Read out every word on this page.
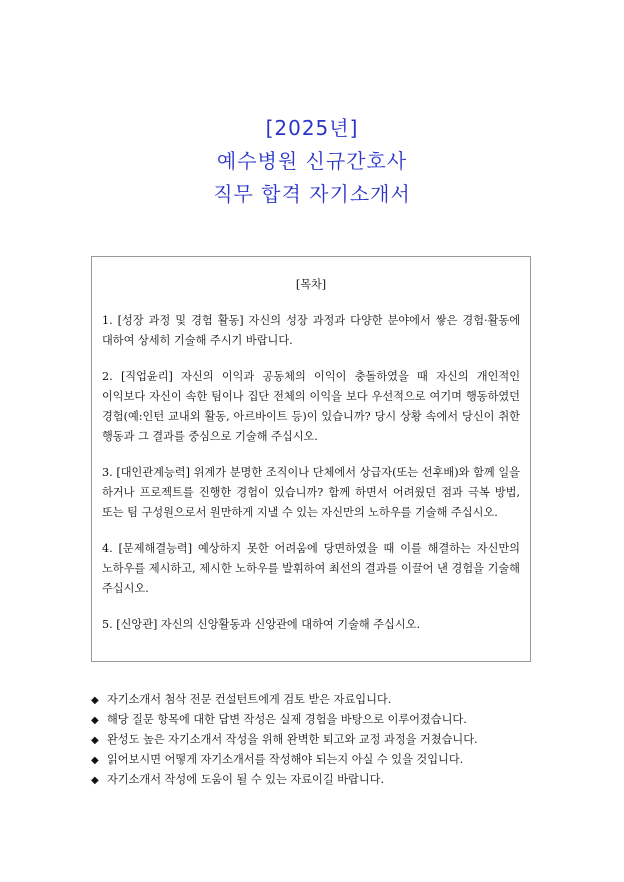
[2025년]
예수병원 신규간호사
직무 합격 자기소개서
[목차]
1. [성장 과정 및 경험 활동] 자신의 성장 과정과 다양한 분야에서 쌓은 경험·활동에 대하여 상세히 기술해 주시기 바랍니다.
2. [직업윤리] 자신의 이익과 공동체의 이익이 충돌하였을 때 자신의 개인적인 이익보다 자신이 속한 팀이나 집단 전체의 이익을 보다 우선적으로 여기며 행동하였던 경험(예:인턴 교내외 활동, 아르바이트 등)이 있습니까? 당시 상황 속에서 당신이 취한 행동과 그 결과를 중심으로 기술해 주십시오.
3. [대인관계능력] 위계가 분명한 조직이나 단체에서 상급자(또는 선후배)와 함께 일을 하거나 프로젝트를 진행한 경험이 있습니까? 함께 하면서 어려웠던 점과 극복 방법, 또는 팀 구성원으로서 원만하게 지낼 수 있는 자신만의 노하우를 기술해 주십시오.
4. [문제해결능력] 예상하지 못한 어려움에 당면하였을 때 이를 해결하는 자신만의 노하우를 제시하고, 제시한 노하우를 발휘하여 최선의 결과를 이끌어 낸 경험을 기술해 주십시오.
5. [신앙관] 자신의 신앙활동과 신앙관에 대하여 기술해 주십시오.
◆ 자기소개서 첨삭 전문 컨설턴트에게 검토 받은 자료입니다.
◆ 해당 질문 항목에 대한 답변 작성은 실제 경험을 바탕으로 이루어졌습니다.
◆ 완성도 높은 자기소개서 작성을 위해 완벽한 퇴고와 교정 과정을 거쳤습니다.
◆ 읽어보시면 어떻게 자기소개서를 작성해야 되는지 아실 수 있을 것입니다.
◆ 자기소개서 작성에 도움이 될 수 있는 자료이길 바랍니다.
